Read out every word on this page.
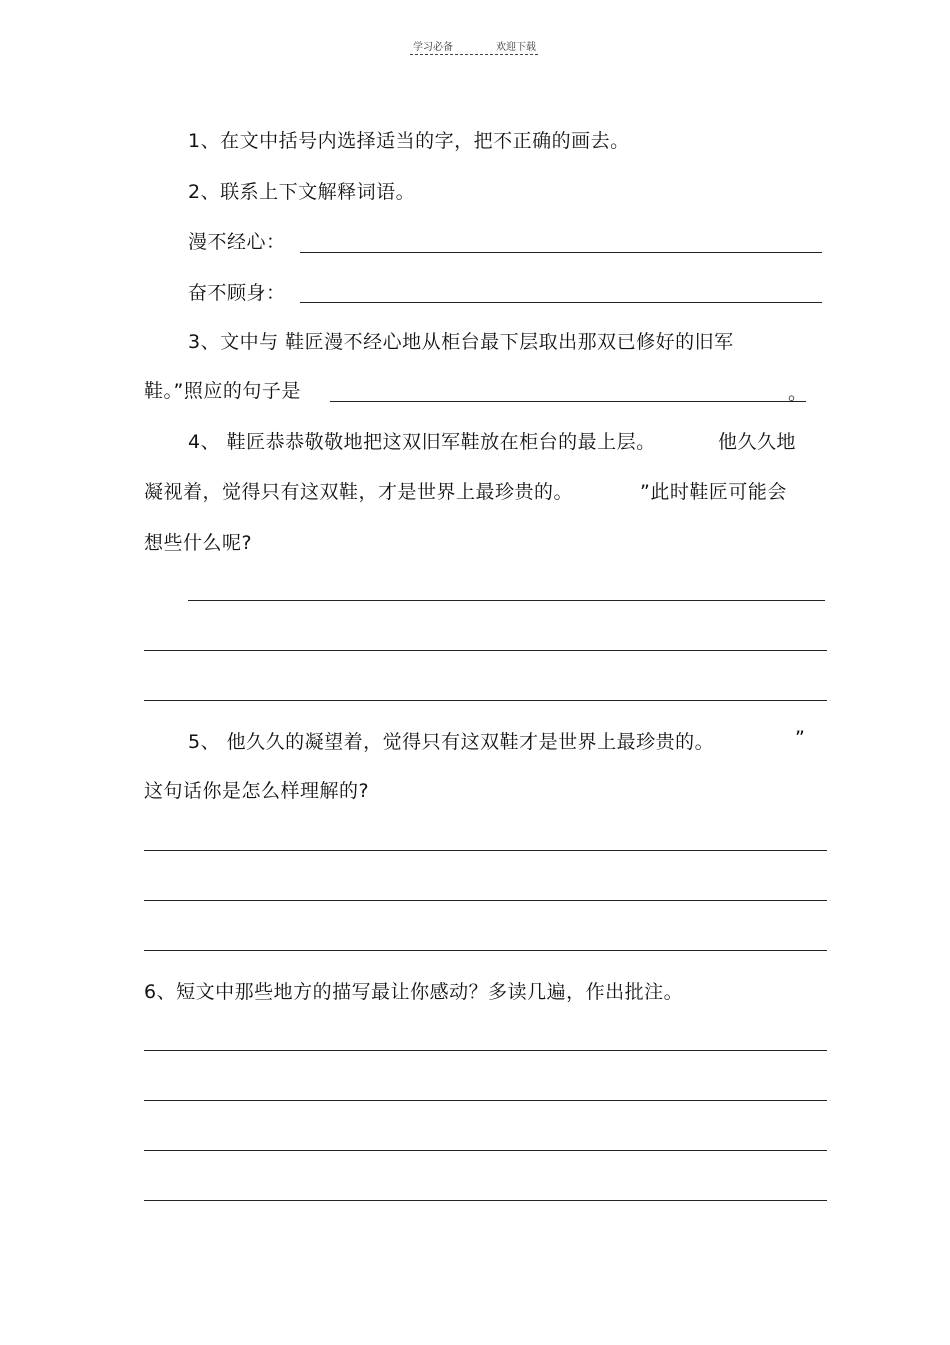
学习必备	欢迎下载
1、在文中括号内选择适当的字，把不正确的画去。
2、联系上下文解释词语。
漫不经心：
奋不顾身：
3、文中与 鞋匠漫不经心地从柜台最下层取出那双已修好的旧军
鞋。”照应的句子是	。
4、 鞋匠恭恭敬敬地把这双旧军鞋放在柜台的最上层。	他久久地
凝视着，觉得只有这双鞋，才是世界上最珍贵的。	”此时鞋匠可能会
想些什么呢?
5、 他久久的凝望着，觉得只有这双鞋才是世界上最珍贵的。	”
这句话你是怎么样理解的?
6、短文中那些地方的描写最让你感动？多读几遍，作出批注。
